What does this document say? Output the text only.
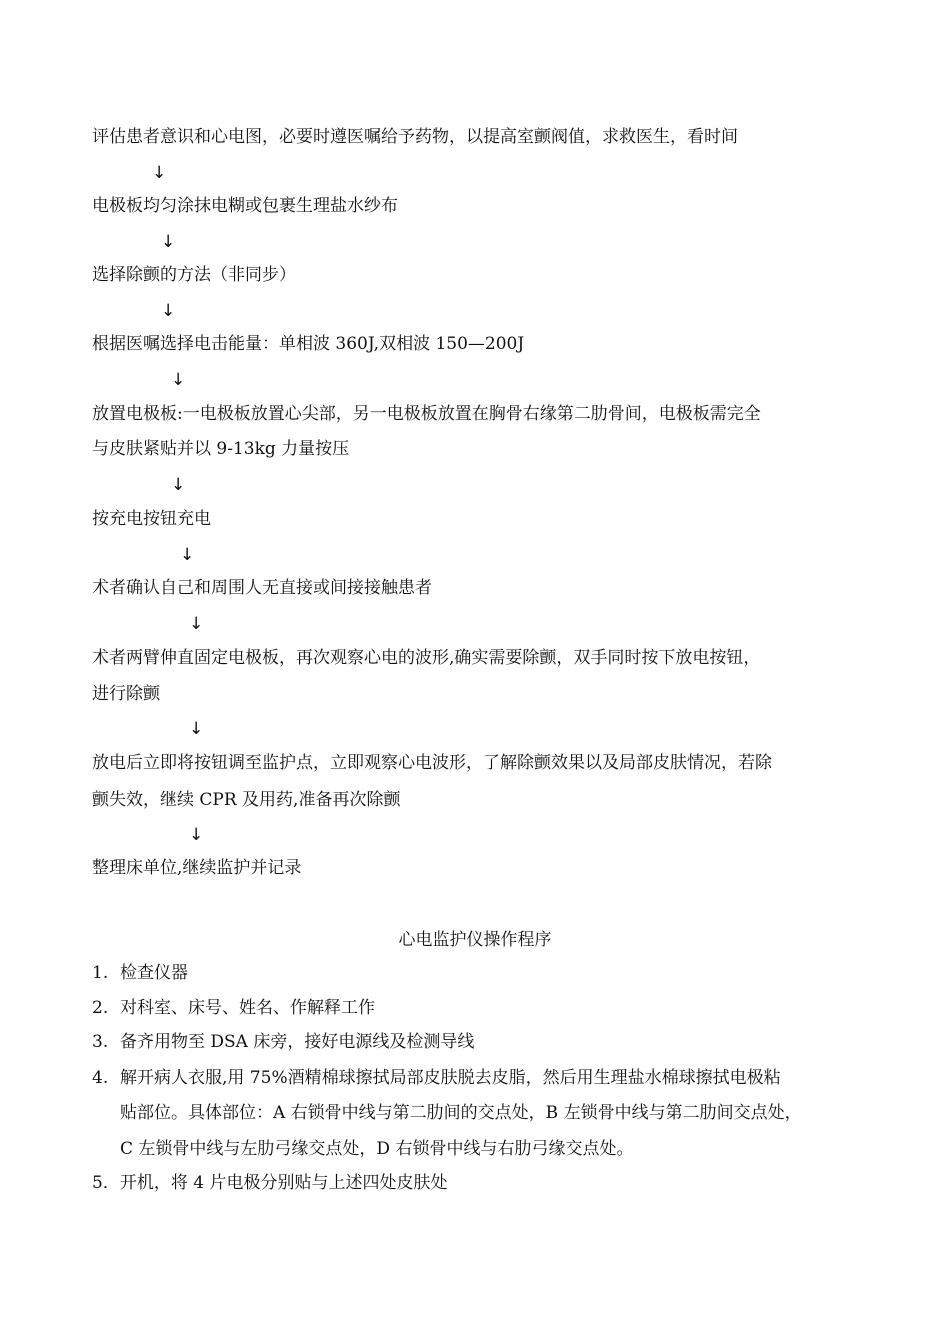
评估患者意识和心电图，必要时遵医嘱给予药物，以提高室颤阀值，求救医生，看时间
↓
电极板均匀涂抹电糊或包裹生理盐水纱布
↓
选择除颤的方法（非同步）
↓
根据医嘱选择电击能量：单相波 360J,双相波 150—200J
↓
放置电极板:一电极板放置心尖部，另一电极板放置在胸骨右缘第二肋骨间，电极板需完全
与皮肤紧贴并以 9-13kg 力量按压
↓
按充电按钮充电
↓
术者确认自己和周围人无直接或间接接触患者
↓
术者两臂伸直固定电极板，再次观察心电的波形,确实需要除颤，双手同时按下放电按钮，
进行除颤
↓
放电后立即将按钮调至监护点，立即观察心电波形，了解除颤效果以及局部皮肤情况，若除
颤失效，继续 CPR 及用药,准备再次除颤
↓
整理床单位,继续监护并记录
心电监护仪操作程序
1. 检查仪器
2. 对科室、床号、姓名、作解释工作
3. 备齐用物至 DSA 床旁，接好电源线及检测导线
4. 解开病人衣服,用 75%酒精棉球擦拭局部皮肤脱去皮脂，然后用生理盐水棉球擦拭电极粘
贴部位。具体部位：A 右锁骨中线与第二肋间的交点处，B 左锁骨中线与第二肋间交点处，
C 左锁骨中线与左肋弓缘交点处，D 右锁骨中线与右肋弓缘交点处。
5．开机，将 4 片电极分别贴与上述四处皮肤处
